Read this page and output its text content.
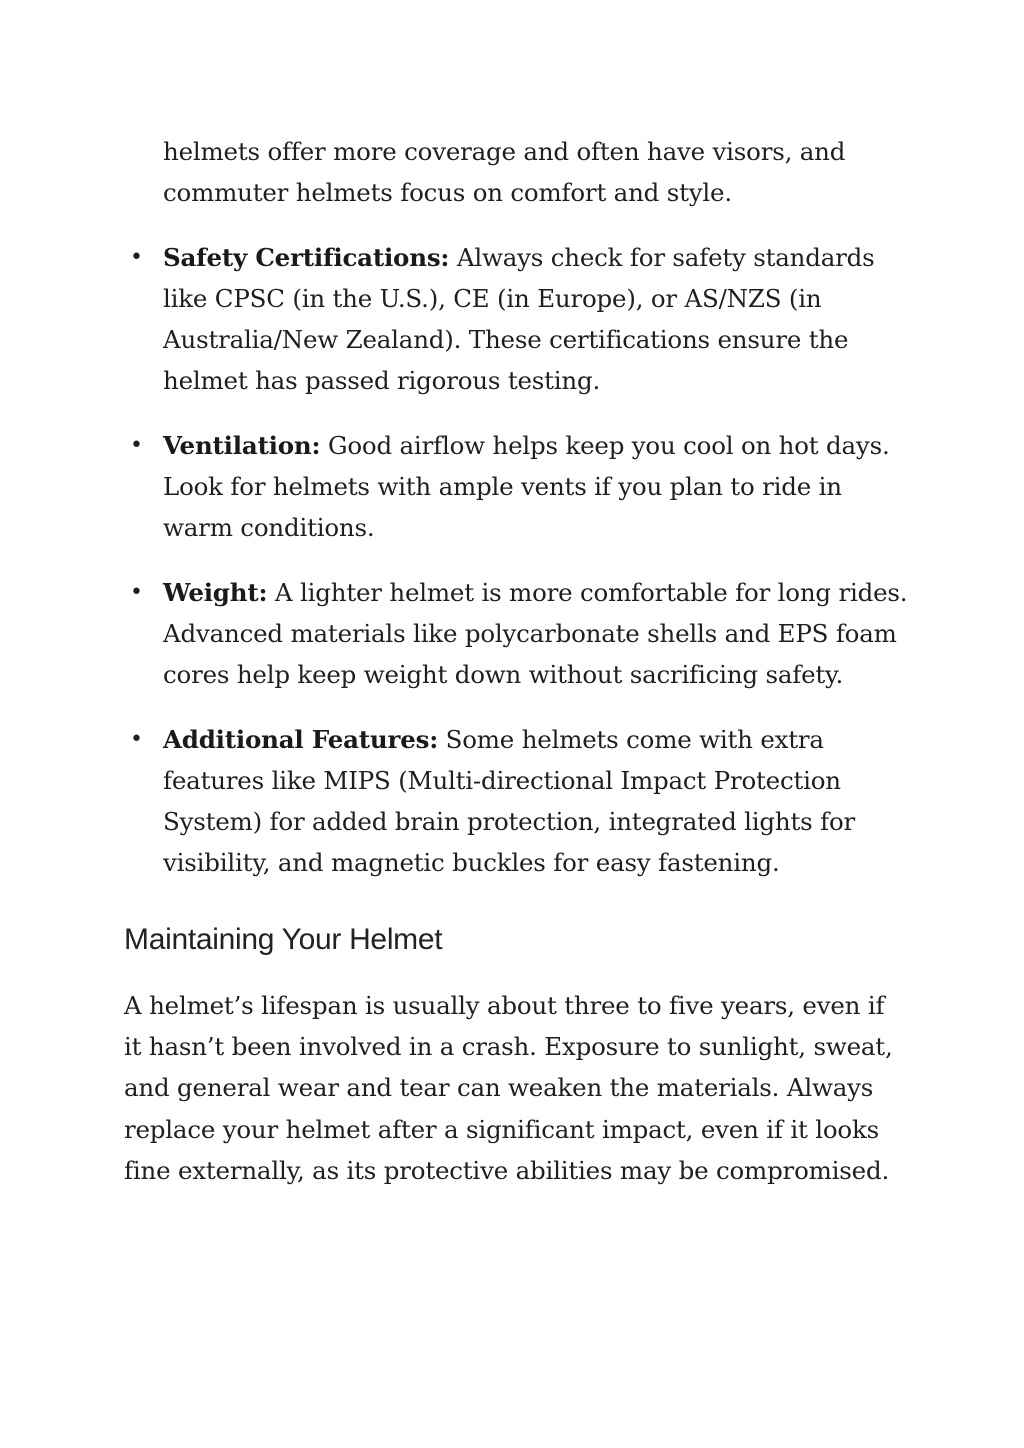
helmets offer more coverage and often have visors, and commuter helmets focus on comfort and style.

• Safety Certifications: Always check for safety standards like CPSC (in the U.S.), CE (in Europe), or AS/NZS (in Australia/New Zealand). These certifications ensure the helmet has passed rigorous testing.
• Ventilation: Good airflow helps keep you cool on hot days. Look for helmets with ample vents if you plan to ride in warm conditions.
• Weight: A lighter helmet is more comfortable for long rides. Advanced materials like polycarbonate shells and EPS foam cores help keep weight down without sacrificing safety.
• Additional Features: Some helmets come with extra features like MIPS (Multi-directional Impact Protection System) for added brain protection, integrated lights for visibility, and magnetic buckles for easy fastening.
Maintaining Your Helmet

A helmet’s lifespan is usually about three to five years, even if it hasn’t been involved in a crash. Exposure to sunlight, sweat, and general wear and tear can weaken the materials. Always replace your helmet after a significant impact, even if it looks fine externally, as its protective abilities may be compromised.
